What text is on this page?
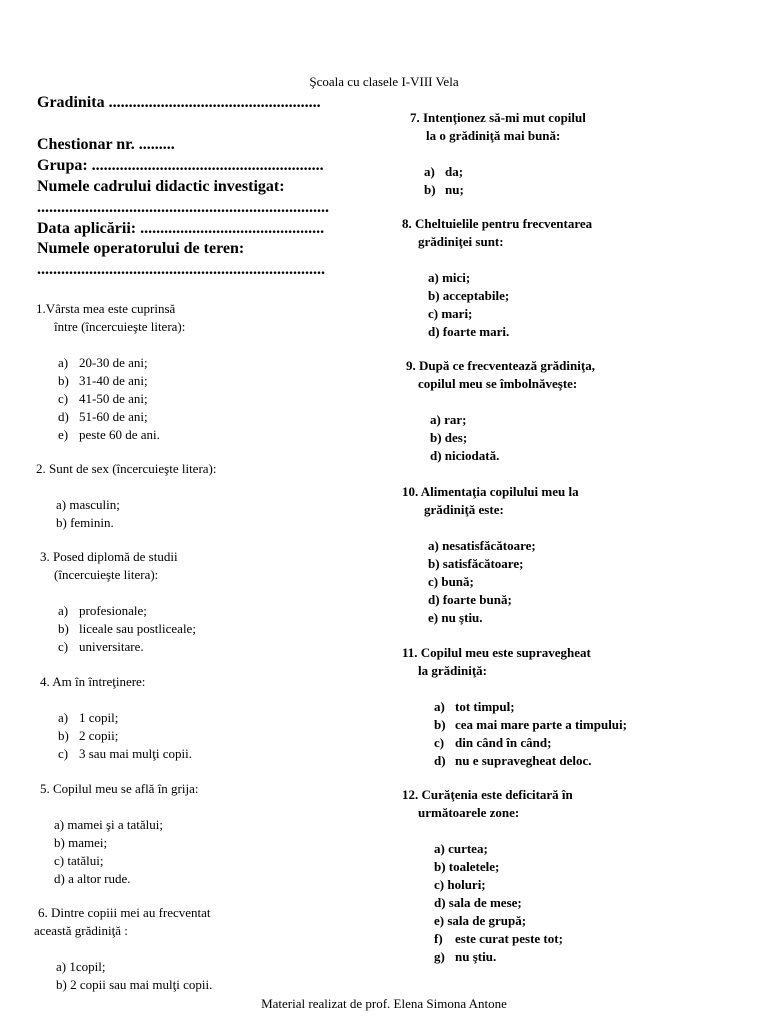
Şcoala cu clasele I-VIII Vela
Gradinita .....................................................
Chestionar nr. .........
Grupa: ..........................................................
Numele cadrului didactic investigat:
.........................................................................
Data aplicării: ..............................................
Numele operatorului de teren:
........................................................................
1.Vârsta mea este cuprinsă
între (încercuieşte litera):
a) 20-30 de ani;
b) 31-40 de ani;
c) 41-50 de ani;
d) 51-60 de ani;
e) peste 60 de ani.
2. Sunt de sex (încercuieşte litera):
a) masculin;
b) feminin.
3. Posed diplomă de studii
(încercuieşte litera):
a) profesionale;
b) liceale sau postliceale;
c) universitare.
4. Am în întreţinere:
a) 1 copil;
b) 2 copii;
c) 3 sau mai mulţi copii.
5. Copilul meu se află în grija:
a) mamei şi a tatălui;
b) mamei;
c) tatălui;
d) a altor rude.
6. Dintre copiii mei au frecventat
această grădiniţă :
a) 1copil;
b) 2 copii sau mai mulţi copii.
7. Intenţionez să-mi mut copilul
la o grădiniţă mai bună:
a) da;
b) nu;
8. Cheltuielile pentru frecventarea
grădiniţei sunt:
a) mici;
b) acceptabile;
c) mari;
d) foarte mari.
9. După ce frecventează grădiniţa,
copilul meu se îmbolnăveşte:
a) rar;
b) des;
d) niciodată.
10. Alimentaţia copilului meu la
grădiniţă este:
a) nesatisfăcătoare;
b) satisfăcătoare;
c) bună;
d) foarte bună;
e) nu ştiu.
11. Copilul meu este supravegheat
la grădiniţă:
a) tot timpul;
b) cea mai mare parte a timpului;
c) din când în când;
d) nu e supravegheat deloc.
12. Curăţenia este deficitară în
următoarele zone:
a) curtea;
b) toaletele;
c) holuri;
d) sala de mese;
e) sala de grupă;
f) este curat peste tot;
g) nu ştiu.
Material realizat de prof. Elena Simona Antone
